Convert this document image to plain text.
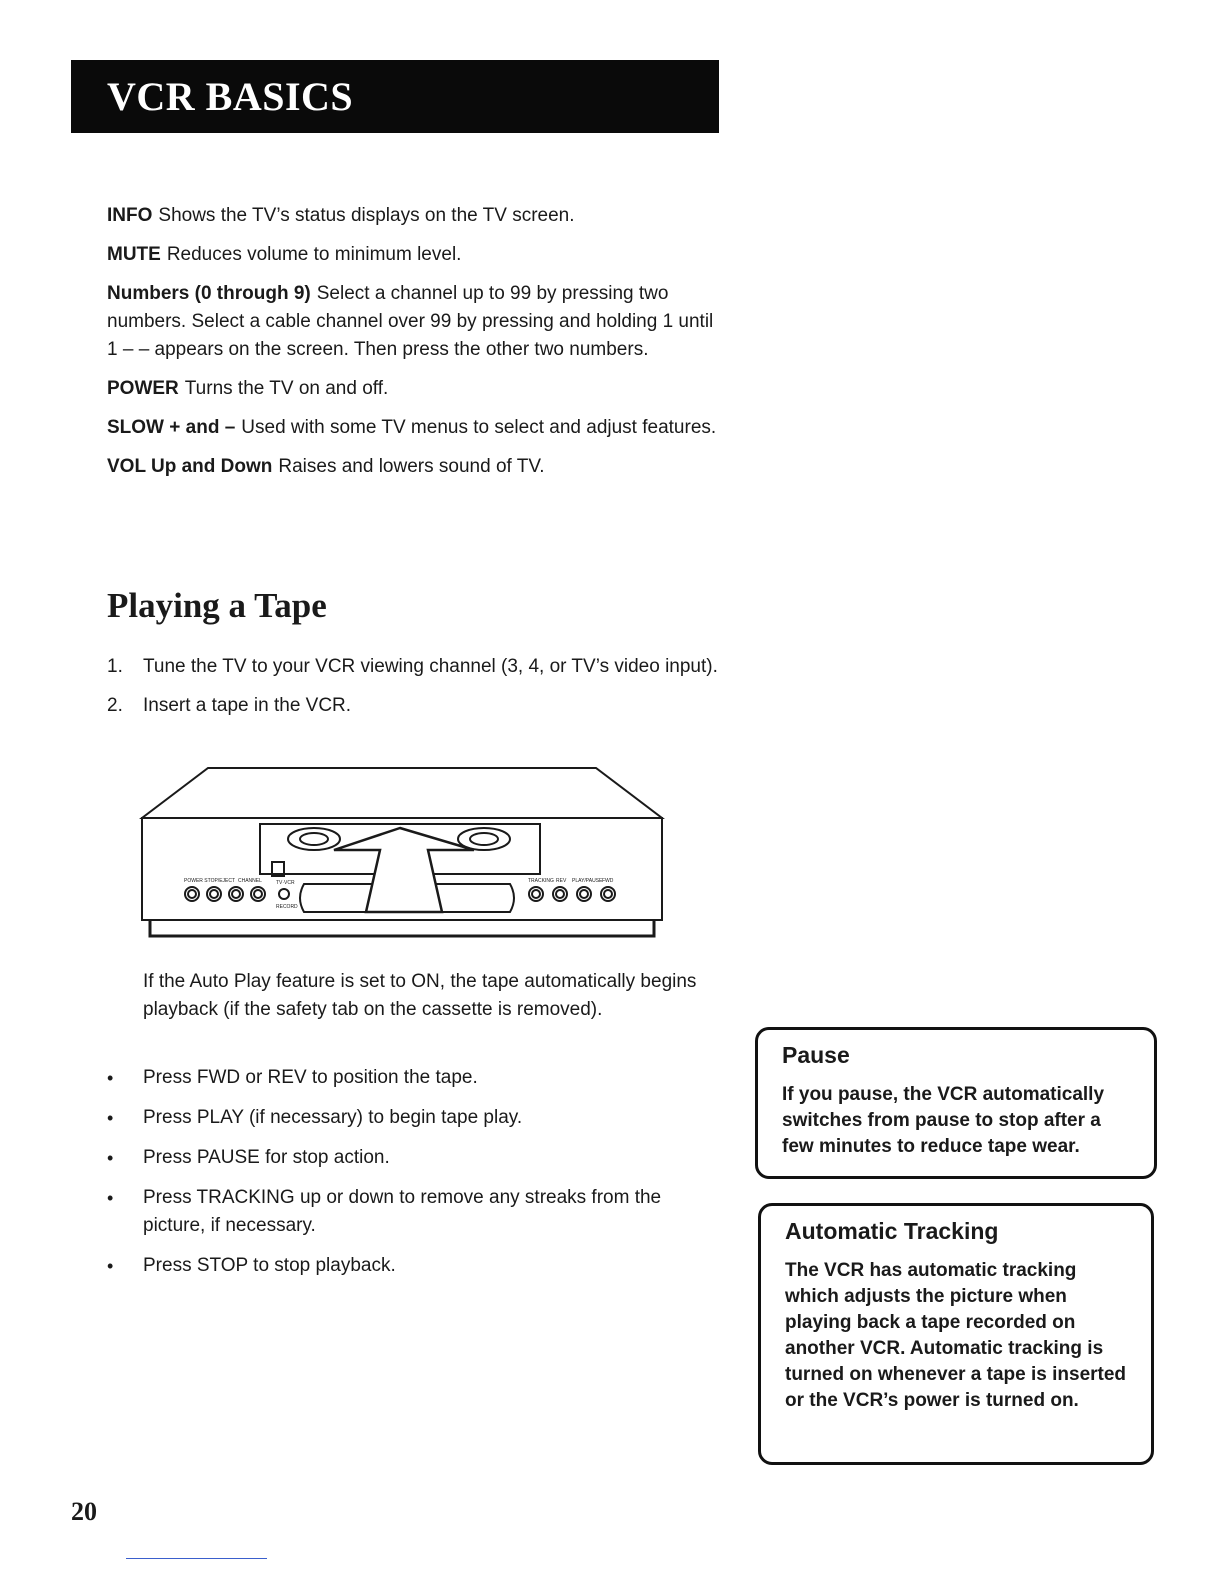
VCR BASICS

INFO Shows the TV’s status displays on the TV screen.

MUTE Reduces volume to minimum level.

Numbers (0 through 9) Select a channel up to 99 by pressing two numbers. Select a cable channel over 99 by pressing and holding 1 until 1 – – appears on the screen. Then press the other two numbers.

POWER Turns the TV on and off.

SLOW + and – Used with some TV menus to select and adjust features.

VOL Up and Down Raises and lowers sound of TV.

Playing a Tape
1. Tune the TV to your VCR viewing channel (3, 4, or TV’s video input).
2. Insert a tape in the VCR.
POWER STOP/EJECT CHANNEL	TV·VCR
RECORD
TRACKING REV PLAY/PAUSE FWD

If the Auto Play feature is set to ON, the tape automatically begins playback (if the safety tab on the cassette is removed).

• Press FWD or REV to position the tape.
• Press PLAY (if necessary) to begin tape play.
• Press PAUSE for stop action.
• Press TRACKING up or down to remove any streaks from the picture, if necessary.
• Press STOP to stop playback.

Pause

If you pause, the VCR automatically switches from pause to stop after a few minutes to reduce tape wear.

Automatic Tracking

The VCR has automatic tracking which adjusts the picture when playing back a tape recorded on another VCR. Automatic tracking is turned on whenever a tape is inserted or the VCR’s power is turned on.

20
